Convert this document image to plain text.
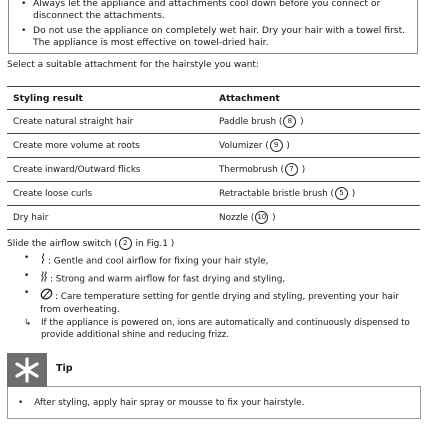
• Always let the appliance and attachments cool down before you connect or disconnect the attachments.
• Do not use the appliance on completely wet hair. Dry your hair with a towel first. The appliance is most effective on towel-dried hair.
Select a suitable attachment for the hairstyle you want:
Styling result	Attachment
Create natural straight hair	Paddle brush ( 8 )
Create more volume at roots	Volumizer ( 9 )
Create inward/Outward flicks	Thermobrush ( 7 )
Create loose curls	Retractable bristle brush ( 5 )
Dry hair	Nozzle ( 10 )
Slide the airflow switch ( 2 in Fig.1 )
• : Gentle and cool airflow for fixing your hair style,
• : Strong and warm airflow for fast drying and styling,
•	: Care temperature setting for gentle drying and styling, preventing your hair from overheating.
↳ If the appliance is powered on, ions are automatically and continuously dispensed to provide additional shine and reducing frizz.
Tip
• After styling, apply hair spray or mousse to fix your hairstyle.
